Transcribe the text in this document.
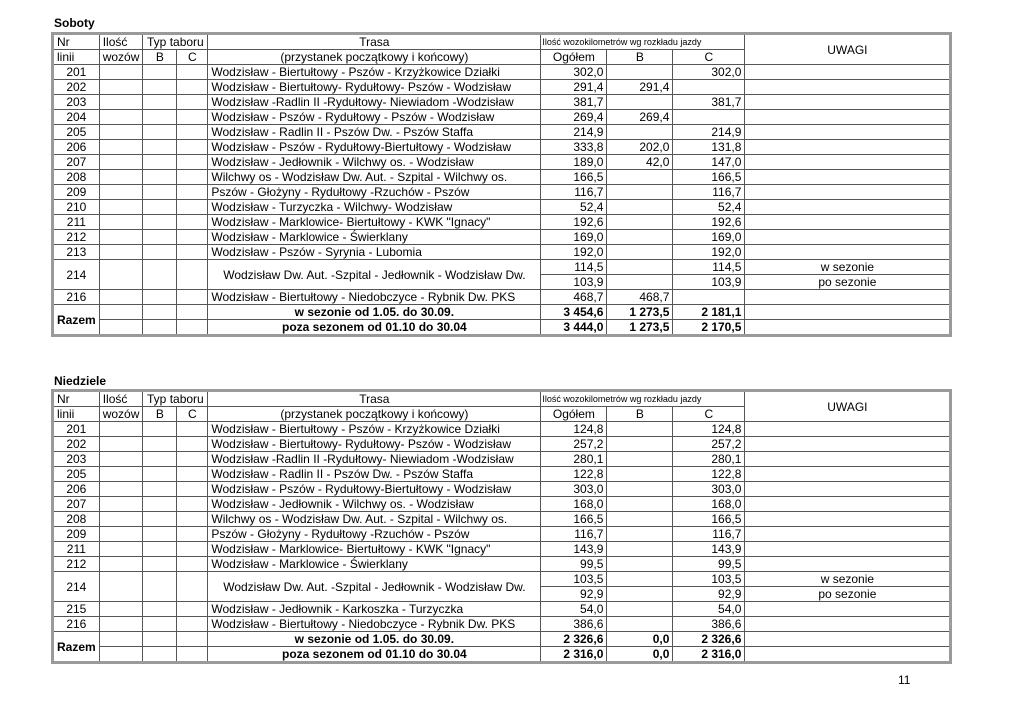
Soboty
Nr	Ilość	Typ taboru		Trasa	Ilość wozokilometrów wg rozkładu jazdy			UWAGI
linii	wozów	B	C	(przystanek początkowy i końcowy)	Ogółem	B	C	
201				Wodzisław - Biertułtowy - Pszów - Krzyżkowice Działki	302,0		302,0	
202				Wodzisław - Biertułtowy- Rydułtowy- Pszów - Wodzisław	291,4	291,4		
203				Wodzisław -Radlin II -Rydułtowy- Niewiadom -Wodzisław	381,7		381,7	
204				Wodzisław - Pszów - Rydułtowy - Pszów - Wodzisław	269,4	269,4		
205				Wodzisław - Radlin II - Pszów Dw. - Pszów Staffa	214,9		214,9	
206				Wodzisław - Pszów - Rydułtowy-Biertułtowy - Wodzisław	333,8	202,0	131,8	
207				Wodzisław - Jedłownik - Wilchwy os. - Wodzisław	189,0	42,0	147,0	
208				Wilchwy os - Wodzisław Dw. Aut. - Szpital - Wilchwy os.	166,5		166,5	
209				Pszów - Głożyny - Rydułtowy -Rzuchów - Pszów	116,7		116,7	
210				Wodzisław - Turzyczka - Wilchwy- Wodzisław	52,4		52,4	
211				Wodzisław - Marklowice- Biertułtowy - KWK "Ignacy"	192,6		192,6	
212				Wodzisław - Marklowice - Świerklany	169,0		169,0	
213				Wodzisław - Pszów - Syrynia - Lubomia	192,0		192,0	
214				Wodzisław Dw. Aut. -Szpital - Jedłownik - Wodzisław Dw.	114,5		114,5	w sezonie
					103,9		103,9	po sezonie
216				Wodzisław - Biertułtowy - Niedobczyce - Rybnik Dw. PKS	468,7	468,7		
Razem				w sezonie od 1.05. do 30.09.	3 454,6	1 273,5	2 181,1	
				poza sezonem od 01.10 do 30.04	3 444,0	1 273,5	2 170,5	
Niedziele
Nr	Ilość	Typ taboru		Trasa	Ilość wozokilometrów wg rozkładu jazdy			UWAGI
linii	wozów	B	C	(przystanek początkowy i końcowy)	Ogółem	B	C	
201				Wodzisław - Biertułtowy - Pszów - Krzyżkowice Działki	124,8		124,8	
202				Wodzisław - Biertułtowy- Rydułtowy- Pszów - Wodzisław	257,2		257,2	
203				Wodzisław -Radlin II -Rydułtowy- Niewiadom -Wodzisław	280,1		280,1	
205				Wodzisław - Radlin II - Pszów Dw. - Pszów Staffa	122,8		122,8	
206				Wodzisław - Pszów - Rydułtowy-Biertułtowy - Wodzisław	303,0		303,0	
207				Wodzisław - Jedłownik - Wilchwy os. - Wodzisław	168,0		168,0	
208				Wilchwy os - Wodzisław Dw. Aut. - Szpital - Wilchwy os.	166,5		166,5	
209				Pszów - Głożyny - Rydułtowy -Rzuchów - Pszów	116,7		116,7	
211				Wodzisław - Marklowice- Biertułtowy - KWK "Ignacy"	143,9		143,9	
212				Wodzisław - Marklowice - Świerklany	99,5		99,5	
214				Wodzisław Dw. Aut. -Szpital - Jedłownik - Wodzisław Dw.	103,5		103,5	w sezonie
					92,9		92,9	po sezonie
215				Wodzisław - Jedłownik - Karkoszka - Turzyczka	54,0		54,0	
216				Wodzisław - Biertułtowy - Niedobczyce - Rybnik Dw. PKS	386,6		386,6	
Razem				w sezonie od 1.05. do 30.09.	2 326,6	0,0	2 326,6	
				poza sezonem od 01.10 do 30.04	2 316,0	0,0	2 316,0	
11
